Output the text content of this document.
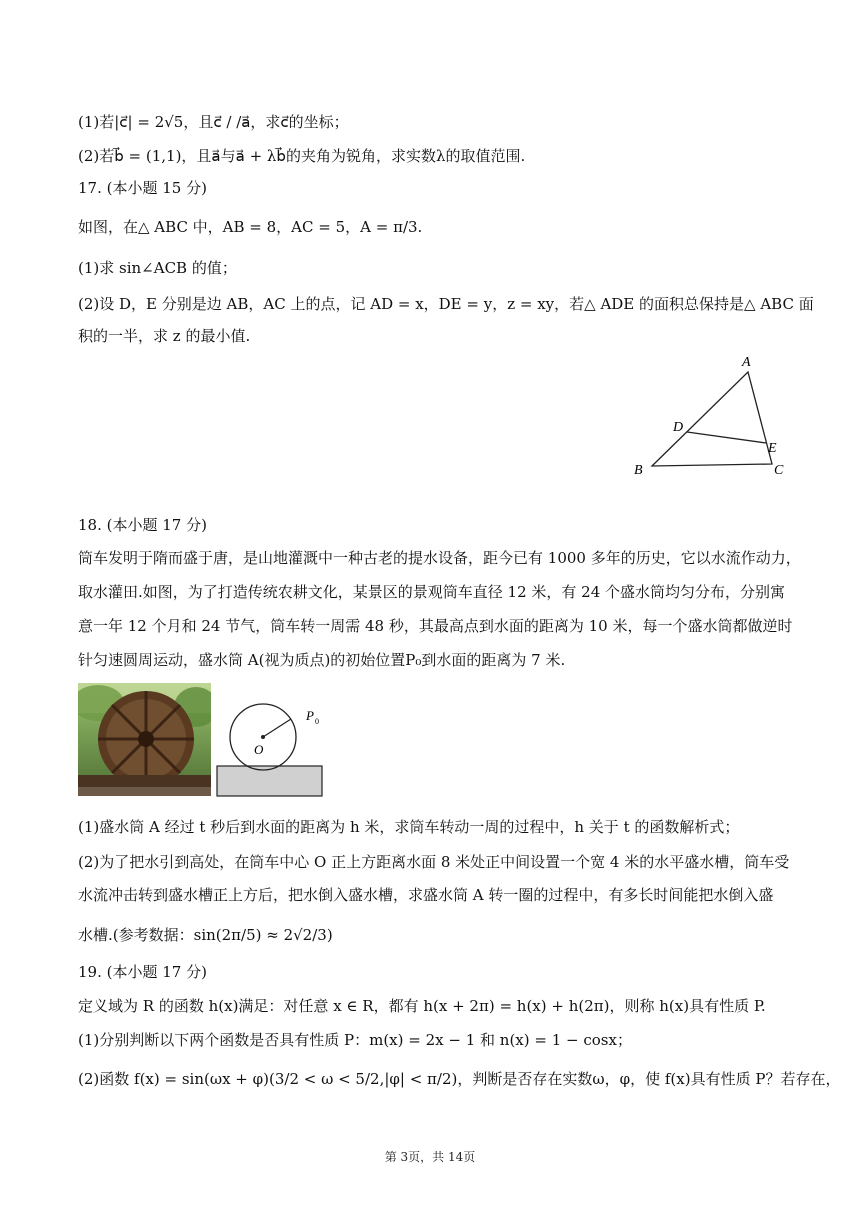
(1)若|c⃗| = 2√5，且c⃗ / /a⃗，求c⃗的坐标；
(2)若b⃗ = (1,1)，且a⃗与a⃗ + λb⃗的夹角为锐角，求实数λ的取值范围.
17. (本小题 15 分)
如图，在△ ABC 中，AB = 8，AC = 5，A = π/3.
(1)求 sin∠ACB 的值；
(2)设 D，E 分别是边 AB，AC 上的点，记 AD = x，DE = y，z = xy，若△ ADE 的面积总保持是△ ABC 面
积的一半，求 z 的最小值.
A
B	C
D
E
18. (本小题 17 分)
筒车发明于隋而盛于唐，是山地灌溉中一种古老的提水设备，距今已有 1000 多年的历史，它以水流作动力，
取水灌田.如图，为了打造传统农耕文化，某景区的景观筒车直径 12 米，有 24 个盛水筒均匀分布，分别寓
意一年 12 个月和 24 节气，筒车转一周需 48 秒，其最高点到水面的距离为 10 米，每一个盛水筒都做逆时
针匀速圆周运动，盛水筒 A(视为质点)的初始位置P₀到水面的距离为 7 米.
O
P 0
(1)盛水筒 A 经过 t 秒后到水面的距离为 h 米，求筒车转动一周的过程中，h 关于 t 的函数解析式；
(2)为了把水引到高处，在筒车中心 O 正上方距离水面 8 米处正中间设置一个宽 4 米的水平盛水槽，筒车受
水流冲击转到盛水槽正上方后，把水倒入盛水槽，求盛水筒 A 转一圈的过程中，有多长时间能把水倒入盛
水槽.(参考数据：sin(2π/5) ≈ 2√2/3)
19. (本小题 17 分)
定义域为 R 的函数 h(x)满足：对任意 x ∈ R，都有 h(x + 2π) = h(x) + h(2π)，则称 h(x)具有性质 P.
(1)分别判断以下两个函数是否具有性质 P：m(x) = 2x − 1 和 n(x) = 1 − cosx；
(2)函数 f(x) = sin(ωx + φ)(3/2 < ω < 5/2,|φ| < π/2)，判断是否存在实数ω，φ，使 f(x)具有性质 P？若存在，
第 3页，共 14页
